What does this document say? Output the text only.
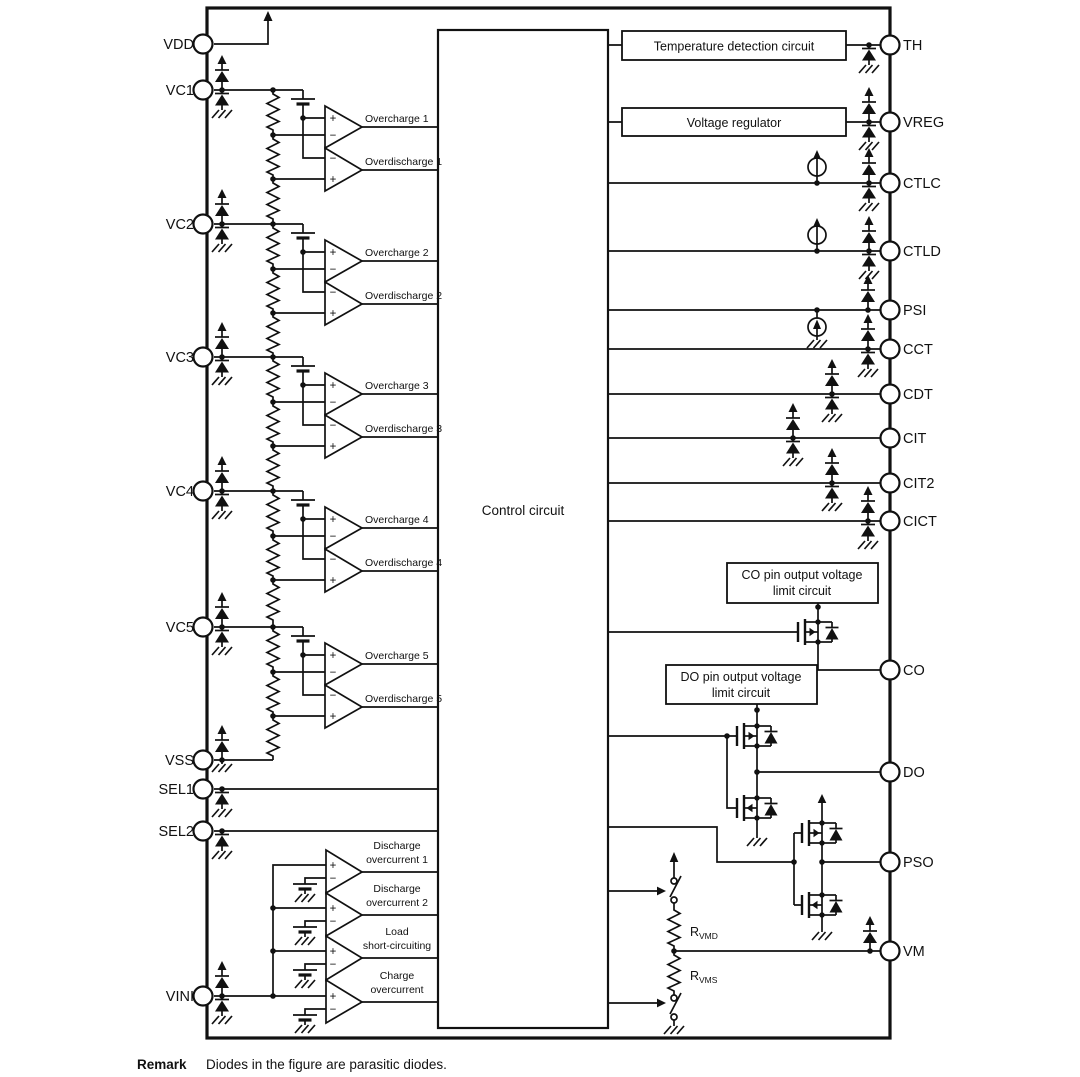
Control circuit
Temperature detection circuit
Voltage regulator
CO pin output voltage
limit circuit
DO pin output voltage
limit circuit
VDD
VC1
VC2
VC3
VC4
VC5
VSS
SEL1
SEL2
VINI
TH
VREG
CTLC
CTLD
PSI
CCT
CDT
CIT
CIT2
CICT
CO
DO
PSO
VM
Overcharge 1
Overdischarge 1
Overcharge 2
Overdischarge 2
Overcharge 3
Overdischarge 3
Overcharge 4
Overdischarge 4
Overcharge 5
Overdischarge 5
Discharge
overcurrent 1
Discharge
overcurrent 2
Load
short-circuiting
Charge
overcurrent
+
−
−
+
+
−
−
+
+
−
−
+
+
−
−
+
+
−
−
+
+
−
+
−
+
−
+
−
R VMD
R VMS
Remark Diodes in the figure are parasitic diodes.
